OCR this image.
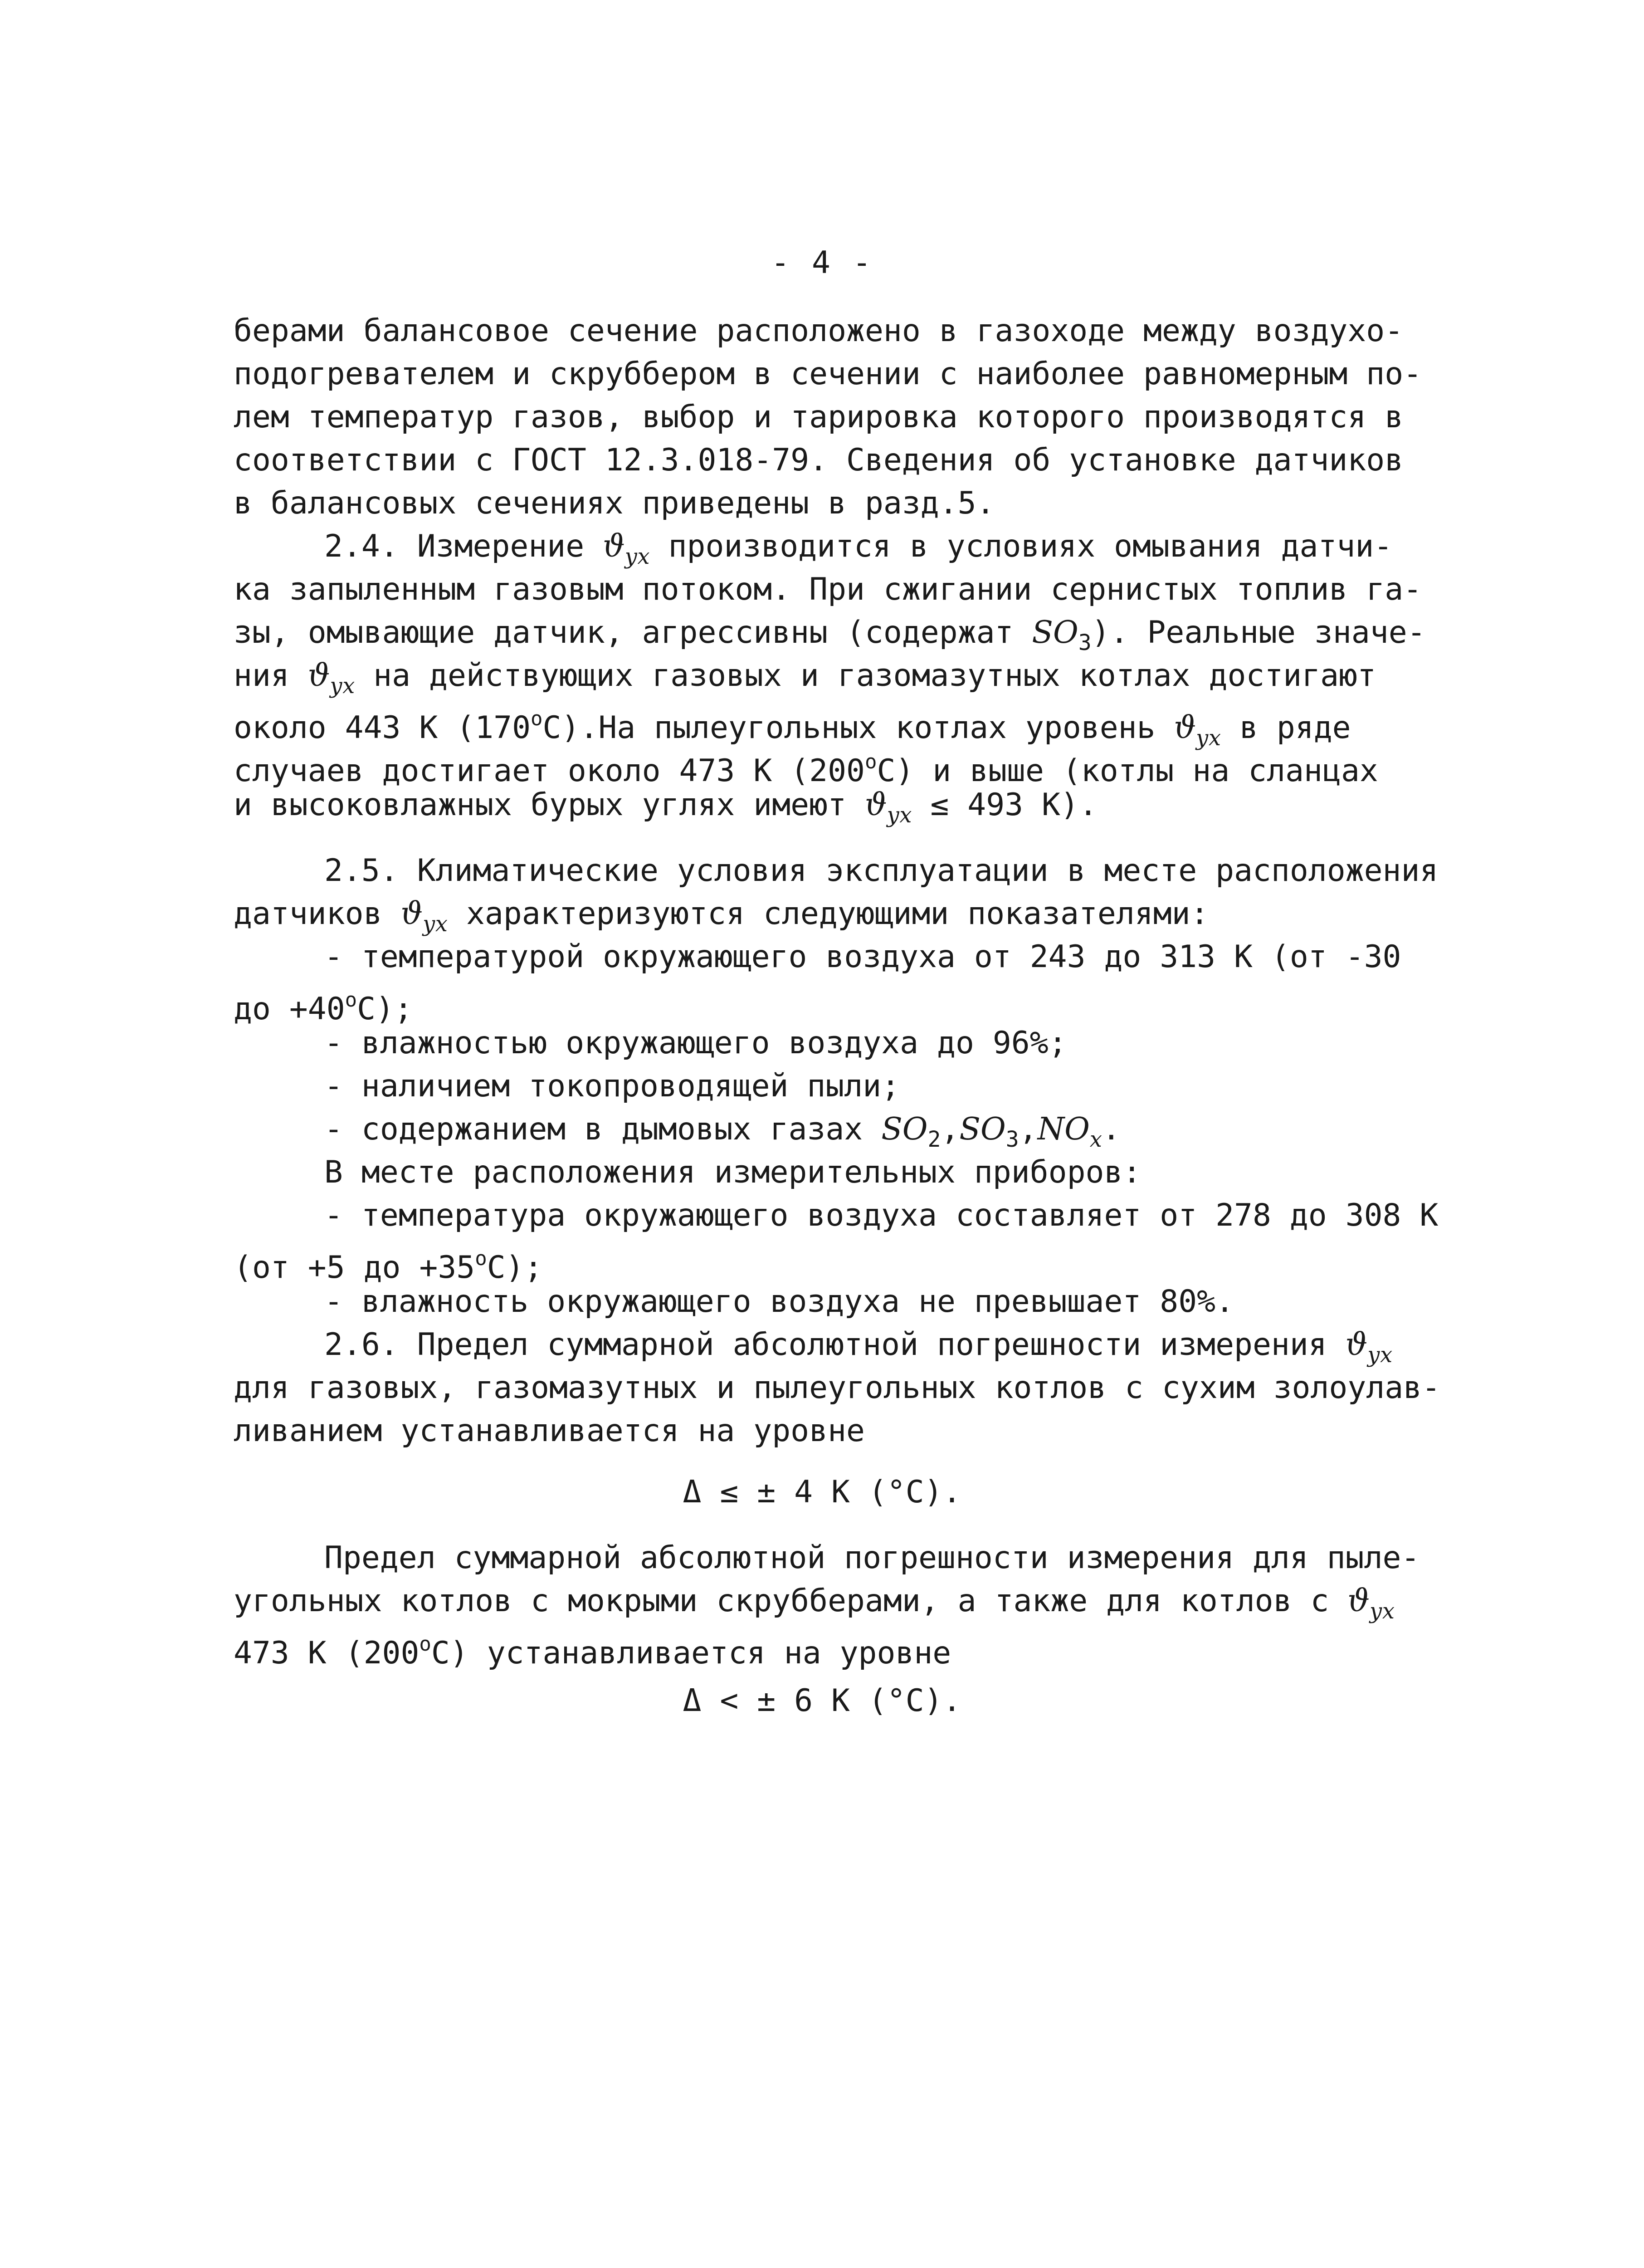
- 4 -
берами балансовое сечение расположено в газоходе между воздухо-
подогревателем и скруббером в сечении с наиболее равномерным по-
лем температур газов, выбор и тарировка которого производятся в
соответствии с ГОСТ 12.3.018-79. Сведения об установке датчиков
в балансовых сечениях приведены в разд.5.
2.4. Измерение $ϑ_{ух}$ производится в условиях омывания датчи-
ка запыленным газовым потоком. При сжигании сернистых топлив га-
зы, омывающие датчик, агрессивны (содержат $SO_3$). Реальные значе-
ния $ϑ_{ух}$ на действующих газовых и газомазутных котлах достигают
около 443 К $(170^оС).На$ пылеугольных котлах уровень $ϑ_{ух}$ в ряде
случаев достигает около 473 К $(200^оС)$ и выше (котлы на сланцах
и высоковлажных бурых углях имеют $ϑ_{ух} \le 493$ К).
2.5. Климатические условия эксплуатации в месте расположения
датчиков $ϑ_{ух}$ характеризуются следующими показателями:
- температурой окружающего воздуха от 243 до 313 К (от -30
до $+40^оС$);
- влажностью окружающего воздуха до 96%;
- наличием токопроводящей пыли;
- содержанием в дымовых газах $SO_2,SO_3,NO_х$.
В месте расположения измерительных приборов:
- температура окружающего воздуха составляет от 278 до 308 К
(от +5 до $+35^оС$);
- влажность окружающего воздуха не превышает 80%.
2.6. Предел суммарной абсолютной погрешности измерения $ϑ_{ух}$
для газовых, газомазутных и пылеугольных котлов с сухим золоулав-
ливанием устанавливается на уровне
Δ ≤ ± 4 К (°С).
Предел суммарной абсолютной погрешности измерения для пыле-
угольных котлов с мокрыми скрубберами, а также для котлов с $ϑ_{ух}$
473 К $(200^оС)$ устанавливается на уровне
Δ < ± 6 К (°С).
